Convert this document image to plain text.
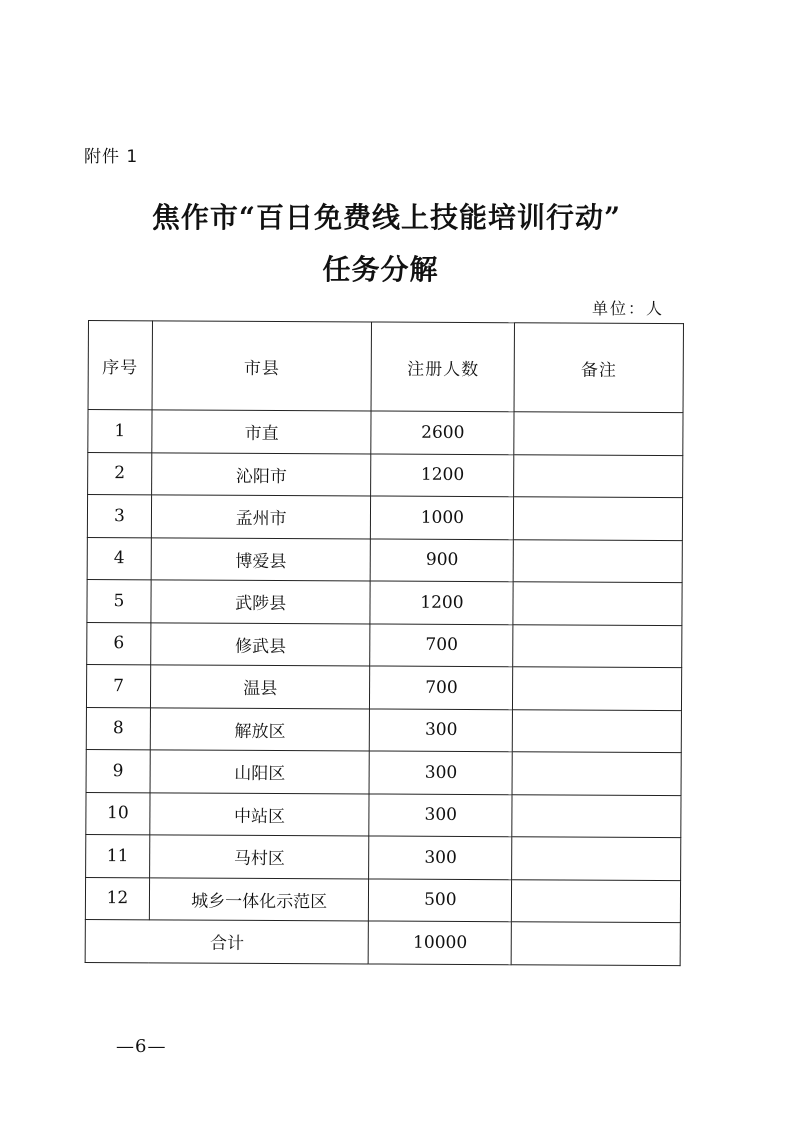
附件 1
焦作市“百日免费线上技能培训行动”
任务分解
单位：人
序号	市县	注册人数	备注
1	市直	2600	
2	沁阳市	1200	
3	孟州市	1000	
4	博爱县	900	
5	武陟县	1200	
6	修武县	700	
7	温县	700	
8	解放区	300	
9	山阳区	300	
10	中站区	300	
11	马村区	300	
12	城乡一体化示范区	500	
合计		10000	
—6—
